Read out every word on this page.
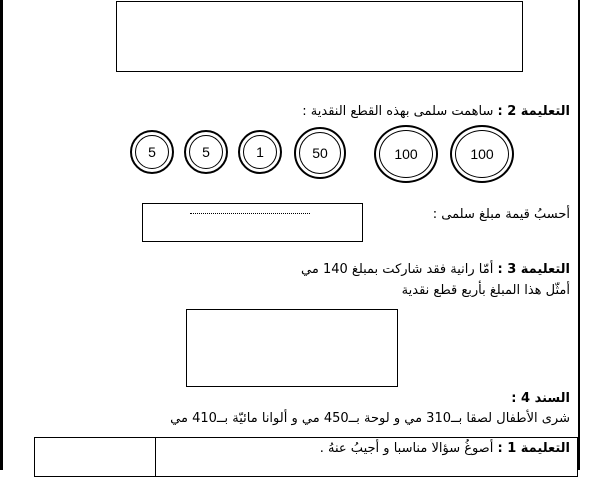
التعليمة 2 : ساهمت سلمى بهذه القطع النقدية :
5	5	1	50	100	100
أحسبُ قيمة مبلغ سلمى :
التعليمة 3 : أمّا رانية فقد شاركت بمبلغ 140 مي
أمثّل هذا المبلغ بأربع قطع نقدية
السند 4 :
شرى الأطفال لصقا بــ310 مي و لوحة بــ450 مي و ألوانا مائيّة بــ410 مي
التعليمة 1 : أصوغُ سؤالا مناسبا و أجيبُ عنهُ .
